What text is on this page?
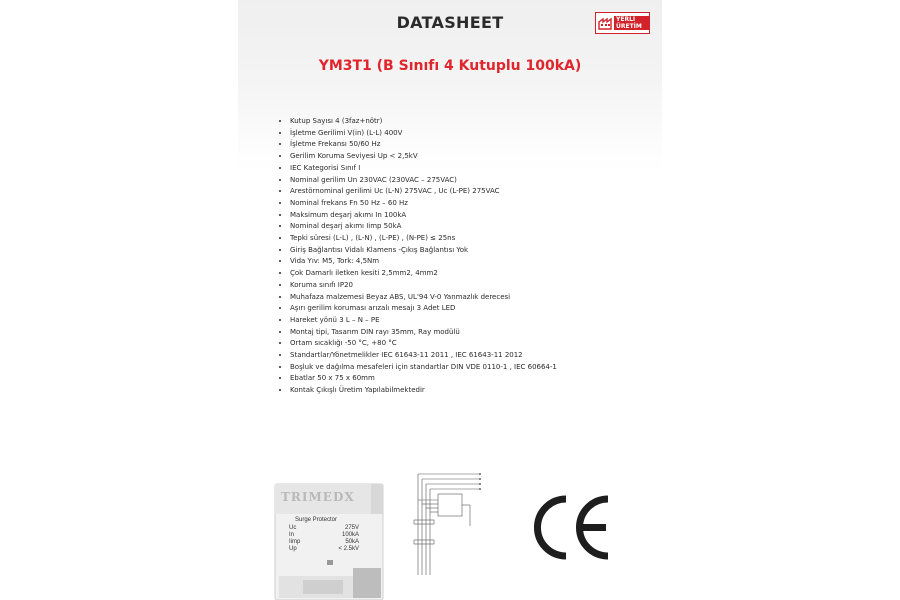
DATASHEET	YERLİ
ÜRETİM
YM3T1 (B Sınıfı 4 Kutuplu 100kA)
• Kutup Sayısı 4 (3faz+nötr)
• İşletme Gerilimi V(in) (L-L) 400V
• İşletme Frekansı 50/60 Hz
• Gerilim Koruma Seviyesi Up < 2,5kV
• IEC Kategorisi Sınıf I
• Nominal gerilim Un 230VAC (230VAC – 275VAC)
• Arestörnominal gerilimi Uc (L-N) 275VAC , Uc (L-PE) 275VAC
• Nominal frekans Fn 50 Hz – 60 Hz
• Maksimum deşarj akımı In 100kA
• Nominal deşarj akımı Iimp 50kA
• Tepki süresi (L-L) , (L-N) , (L-PE) , (N-PE) ≤ 25ns
• Giriş Bağlantısı Vidalı Klamens -Çıkış Bağlantısı Yok
• Vida Yıv: M5, Tork: 4,5Nm
• Çok Damarlı iletken kesiti 2,5mm2, 4mm2
• Koruma sınıfı IP20
• Muhafaza malzemesi Beyaz ABS, UL'94 V-0 Yanmazlık derecesi
• Aşırı gerilim koruması arızalı mesajı 3 Adet LED
• Hareket yönü 3 L – N – PE
• Montaj tipi, Tasarım DIN rayı 35mm, Ray modülü
• Ortam sıcaklığı -50 °C, +80 °C
• Standartlar/Yönetmelikler IEC 61643-11 2011 , IEC 61643-11 2012
• Boşluk ve dağılma mesafeleri için standartlar DIN VDE 0110-1 , IEC 60664-1
• Ebatlar 50 x 75 x 60mm
• Kontak Çıkışlı Üretim Yapılabilmektedir
TRIMEDX
Surge Protector
Uc	275V
In	100kA
Iimp	50kA
Up	< 2.5kV
